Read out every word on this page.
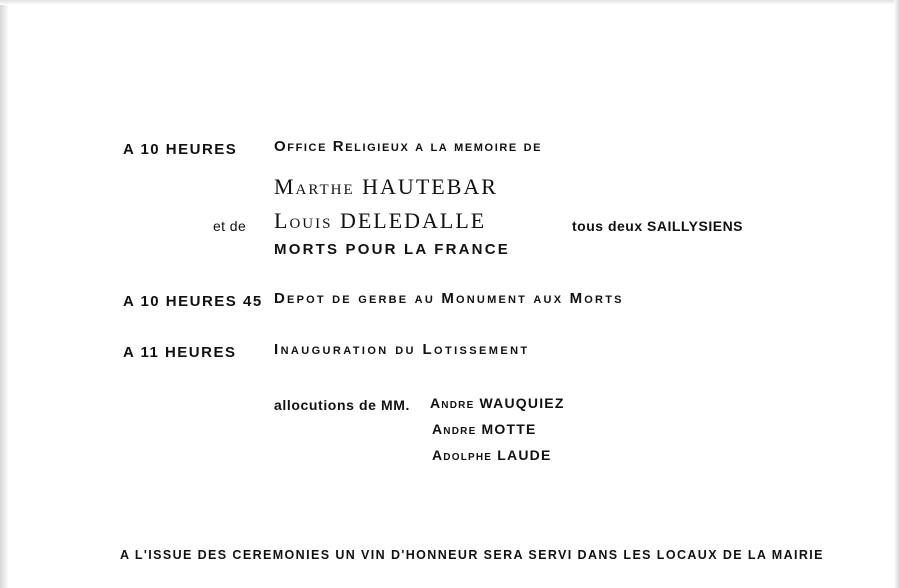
A 10 HEURES Office Religieux a la memoire de
Marthe HAUTEBAR
et de Louis DELEDALLE	tous deux SAILLYSIENS
MORTS POUR LA FRANCE
A 10 HEURES 45 Depot de gerbe au Monument aux Morts
A 11 HEURES	Inauguration du Lotissement
allocutions de MM. Andre WAUQUIEZ
Andre MOTTE
Adolphe LAUDE
A L'ISSUE DES CEREMONIES UN VIN D'HONNEUR SERA SERVI DANS LES LOCAUX DE LA MAIRIE
